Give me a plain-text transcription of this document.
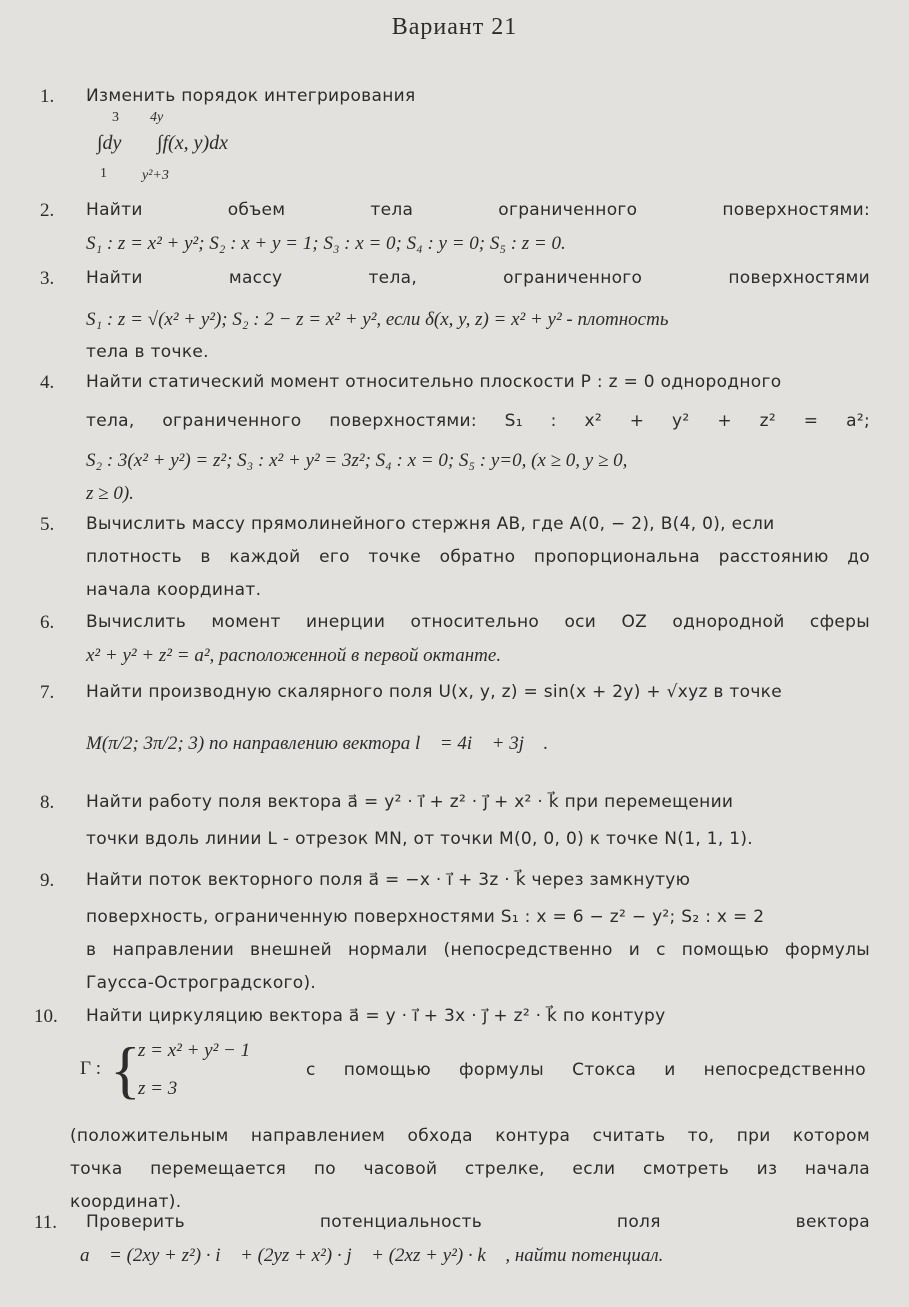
Вариант 21
1. Изменить порядок интегрирования
3
∫dy
1
4y
∫f(x, y)dx
y²+3
2. Найти объем тела ограниченного поверхностями:
S₁ : z = x² + y²; S₂ : x + y = 1; S₃ : x = 0; S₄ : y = 0; S₅ : z = 0.
3. Найти массу тела, ограниченного поверхностями
S₁ : z = √(x² + y²); S₂ : 2 − z = x² + y², если δ(x, y, z) = x² + y² - плотность
тела в точке.
4. Найти статический момент относительно плоскости P : z = 0 однородного
тела, ограниченного поверхностями: S₁ : x² + y² + z² = a²;
S₂ : 3(x² + y²) = z²; S₃ : x² + y² = 3z²; S₄ : x = 0; S₅ : y=0, (x ≥ 0, y ≥ 0,
z ≥ 0).
5. Вычислить массу прямолинейного стержня AB, где A(0, − 2), B(4, 0), если
плотность в каждой его точке обратно пропорциональна расстоянию до
начала координат.
6. Вычислить момент инерции относительно оси OZ однородной сферы
x² + y² + z² = a², расположенной в первой октанте.
7. Найти производную скалярного поля U(x, y, z) = sin(x + 2y) + √xyz в точке
M(π/2; 3π/2; 3) по направлению вектора l⃗ = 4i⃗ + 3j⃗ .
8. Найти работу поля вектора a⃗ = y² · i⃗ + z² · j⃗ + x² · k⃗ при перемещении
точки вдоль линии L - отрезок MN, от точки M(0, 0, 0) к точке N(1, 1, 1).
9. Найти поток векторного поля a⃗ = −x · i⃗ + 3z · k⃗ через замкнутую
поверхность, ограниченную поверхностями S₁ : x = 6 − z² − y²; S₂ : x = 2
в направлении внешней нормали (непосредственно и с помощью формулы
Гаусса-Остроградского).
10. Найти циркуляцию вектора a⃗ = y · i⃗ + 3x · j⃗ + z² · k⃗ по контуру
Г : {
z = x² + y² − 1
z = 3
с помощью формулы Стокса и непосредственно
(положительным направлением обхода контура считать то, при котором
точка перемещается по часовой стрелке, если смотреть из начала
координат).
11. Проверить потенциальность поля вектора
a⃗ = (2xy + z²) · i⃗ + (2yz + x²) · j⃗ + (2xz + y²) · k⃗ , найти потенциал.
